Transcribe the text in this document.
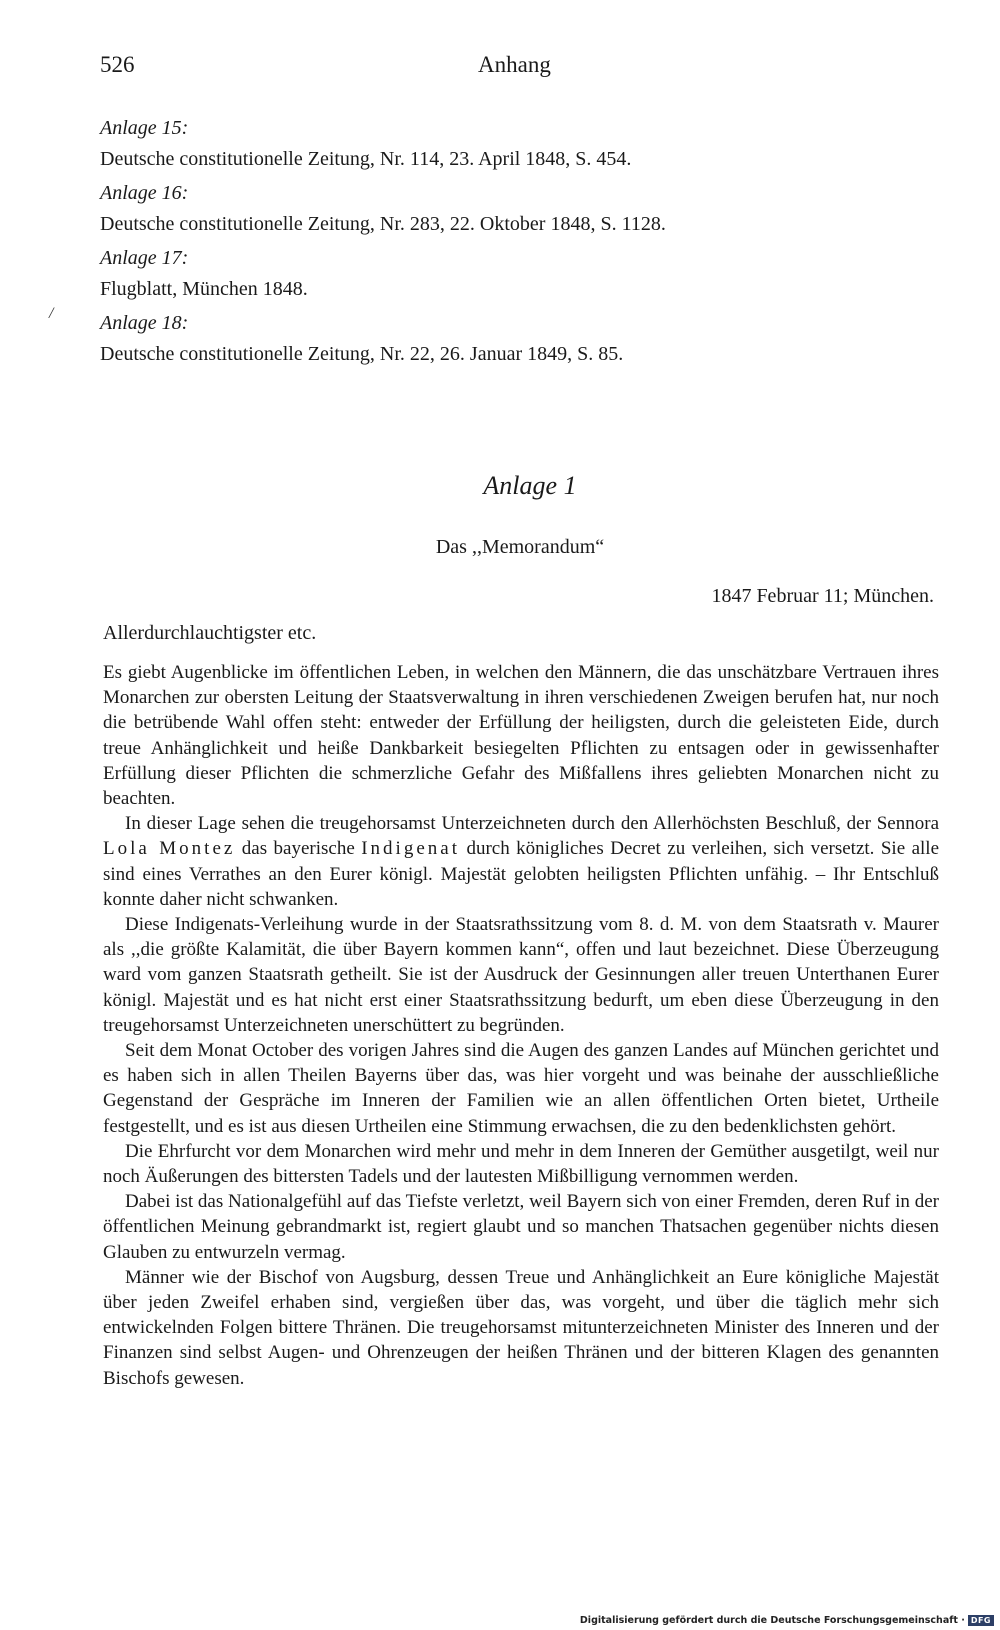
526	Anhang
Anlage 15:
Deutsche constitutionelle Zeitung, Nr. 114, 23. April 1848, S. 454.
Anlage 16:
Deutsche constitutionelle Zeitung, Nr. 283, 22. Oktober 1848, S. 1128.
Anlage 17:
Flugblatt, München 1848.
Anlage 18:
Deutsche constitutionelle Zeitung, Nr. 22, 26. Januar 1849, S. 85.
/
Anlage 1
Das ,,Memorandum“
1847 Februar 11; München.
Allerdurchlauchtigster etc.

Es giebt Augenblicke im öffentlichen Leben, in welchen den Männern, die das unschätzbare Vertrauen ihres Monarchen zur obersten Leitung der Staatsverwaltung in ihren verschiedenen Zweigen berufen hat, nur noch die betrübende Wahl offen steht: entweder der Erfüllung der heiligsten, durch die geleisteten Eide, durch treue Anhänglichkeit und heiße Dankbarkeit besiegelten Pflichten zu entsagen oder in gewissenhafter Erfüllung dieser Pflichten die schmerzliche Gefahr des Mißfallens ihres geliebten Monarchen nicht zu beachten.

In dieser Lage sehen die treugehorsamst Unterzeichneten durch den Allerhöchsten Beschluß, der Sennora Lola Montez das bayerische Indigenat durch königliches Decret zu verleihen, sich versetzt. Sie alle sind eines Verrathes an den Eurer königl. Majestät gelobten heiligsten Pflichten unfähig. – Ihr Entschluß konnte daher nicht schwanken.

Diese Indigenats-Verleihung wurde in der Staatsrathssitzung vom 8. d. M. von dem Staatsrath v. Maurer als ,,die größte Kalamität, die über Bayern kommen kann“, offen und laut bezeichnet. Diese Überzeugung ward vom ganzen Staatsrath getheilt. Sie ist der Ausdruck der Gesinnungen aller treuen Unterthanen Eurer königl. Majestät und es hat nicht erst einer Staatsrathssitzung bedurft, um eben diese Überzeugung in den treugehorsamst Unterzeichneten unerschüttert zu begründen.

Seit dem Monat October des vorigen Jahres sind die Augen des ganzen Landes auf München gerichtet und es haben sich in allen Theilen Bayerns über das, was hier vorgeht und was beinahe der ausschließliche Gegenstand der Gespräche im Inneren der Familien wie an allen öffentlichen Orten bietet, Urtheile festgestellt, und es ist aus diesen Urtheilen eine Stimmung erwachsen, die zu den bedenklichsten gehört.

Die Ehrfurcht vor dem Monarchen wird mehr und mehr in dem Inneren der Gemüther ausgetilgt, weil nur noch Äußerungen des bittersten Tadels und der lautesten Mißbilligung vernommen werden.

Dabei ist das Nationalgefühl auf das Tiefste verletzt, weil Bayern sich von einer Fremden, deren Ruf in der öffentlichen Meinung gebrandmarkt ist, regiert glaubt und so manchen Thatsachen gegenüber nichts diesen Glauben zu entwurzeln vermag.

Männer wie der Bischof von Augsburg, dessen Treue und Anhänglichkeit an Eure königliche Majestät über jeden Zweifel erhaben sind, vergießen über das, was vorgeht, und über die täglich mehr sich entwickelnden Folgen bittere Thränen. Die treugehorsamst mitunterzeichneten Minister des Inneren und der Finanzen sind selbst Augen- und Ohrenzeugen der heißen Thränen und der bitteren Klagen des genannten Bischofs gewesen.

Digitalisierung gefördert durch die Deutsche Forschungsgemeinschaft · DFG
